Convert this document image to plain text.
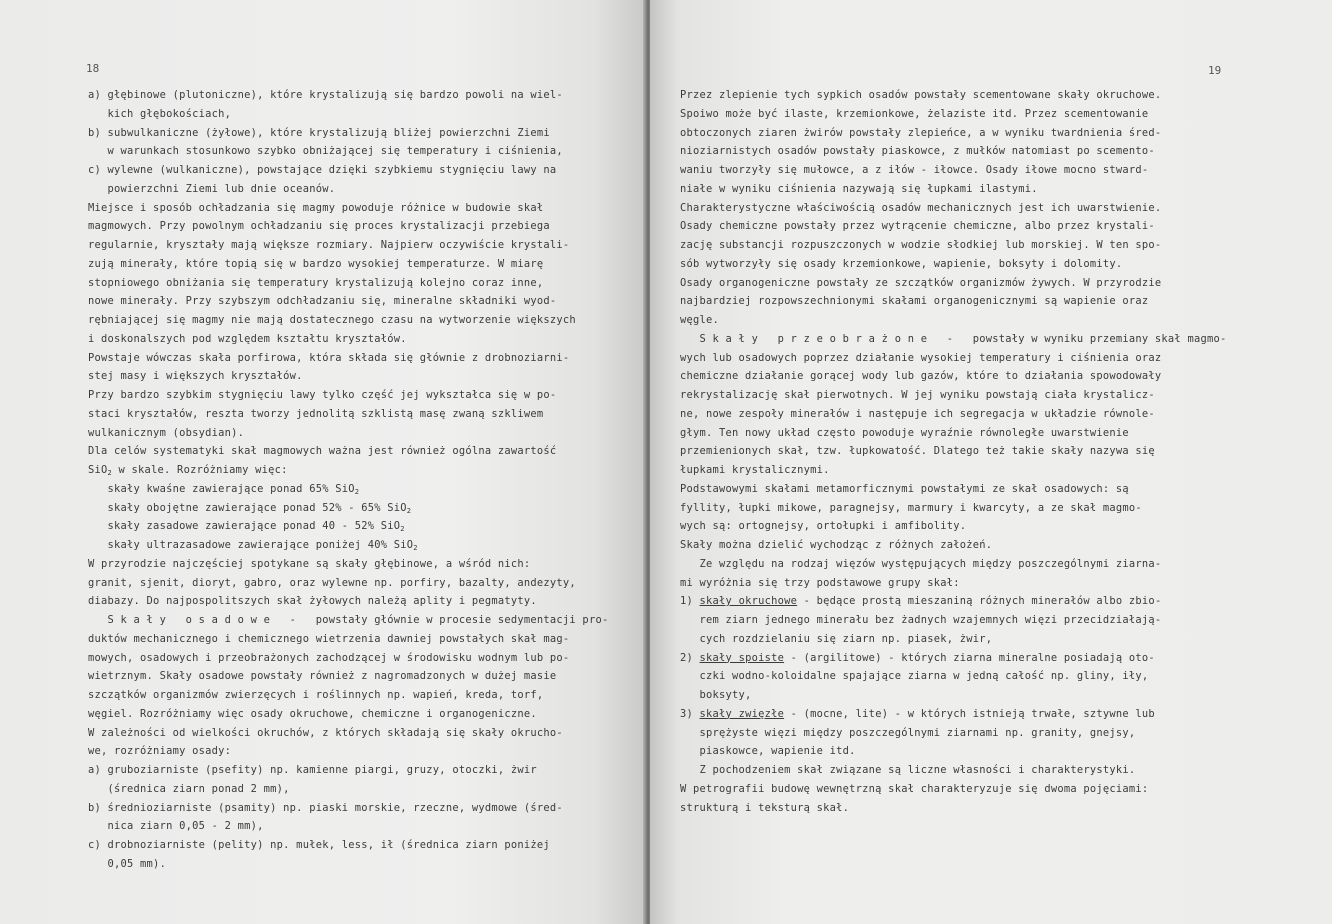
18
a) głębinowe (plutoniczne), które krystalizują się bardzo powoli na wiel-
kich głębokościach,
b) subwulkaniczne (żyłowe), które krystalizują bliżej powierzchni Ziemi
w warunkach stosunkowo szybko obniżającej się temperatury i ciśnienia,
c) wylewne (wulkaniczne), powstające dzięki szybkiemu stygnięciu lawy na
powierzchni Ziemi lub dnie oceanów.
Miejsce i sposób ochładzania się magmy powoduje różnice w budowie skał
magmowych. Przy powolnym ochładzaniu się proces krystalizacji przebiega
regularnie, kryształy mają większe rozmiary. Najpierw oczywiście krystali-
zują minerały, które topią się w bardzo wysokiej temperaturze. W miarę
stopniowego obniżania się temperatury krystalizują kolejno coraz inne,
nowe minerały. Przy szybszym odchładzaniu się, mineralne składniki wyod-
rębniającej się magmy nie mają dostatecznego czasu na wytworzenie większych
i doskonalszych pod względem kształtu kryształów.
Powstaje wówczas skała porfirowa, która składa się głównie z drobnoziarni-
stej masy i większych kryształów.
Przy bardzo szybkim stygnięciu lawy tylko część jej wykształca się w po-
staci kryształów, reszta tworzy jednolitą szklistą masę zwaną szkliwem
wulkanicznym (obsydian).
Dla celów systematyki skał magmowych ważna jest również ogólna zawartość
SiO$_2$ w skale. Rozróżniamy więc:
skały kwaśne zawierające ponad 65% SiO$_2$
skały obojętne zawierające ponad 52% - 65% SiO$_2$
skały zasadowe zawierające ponad 40 - 52% SiO$_2$
skały ultrazasadowe zawierające poniżej 40% SiO$_2$
W przyrodzie najczęściej spotykane są skały głębinowe, a wśród nich:
granit, sjenit, dioryt, gabro, oraz wylewne np. porfiry, bazalty, andezyty,
diabazy. Do najpospolitszych skał żyłowych należą aplity i pegmatyty.
S k a ł y   o s a d o w e   -   powstały głównie w procesie sedymentacji pro-
duktów mechanicznego i chemicznego wietrzenia dawniej powstałych skał mag-
mowych, osadowych i przeobrażonych zachodzącej w środowisku wodnym lub po-
wietrznym. Skały osadowe powstały również z nagromadzonych w dużej masie
szczątków organizmów zwierzęcych i roślinnych np. wapień, kreda, torf,
węgiel. Rozróżniamy więc osady okruchowe, chemiczne i organogeniczne.
W zależności od wielkości okruchów, z których składają się skały okrucho-
we, rozróżniamy osady:
a) gruboziarniste (psefity) np. kamienne piargi, gruzy, otoczki, żwir
(średnica ziarn ponad 2 mm),
b) średnioziarniste (psamity) np. piaski morskie, rzeczne, wydmowe (śred-
nica ziarn 0,05 - 2 mm),
c) drobnoziarniste (pelity) np. mułek, less, ił (średnica ziarn poniżej
0,05 mm).
19
Przez zlepienie tych sypkich osadów powstały scementowane skały okruchowe.
Spoiwo może być ilaste, krzemionkowe, żelaziste itd. Przez scementowanie
obtoczonych ziaren żwirów powstały zlepieńce, a w wyniku twardnienia śred-
nioziarnistych osadów powstały piaskowce, z mułków natomiast po scemento-
waniu tworzyły się mułowce, a z iłów - iłowce. Osady iłowe mocno stward-
niałe w wyniku ciśnienia nazywają się łupkami ilastymi.
Charakterystyczne właściwością osadów mechanicznych jest ich uwarstwienie.
Osady chemiczne powstały przez wytrącenie chemiczne, albo przez krystali-
zację substancji rozpuszczonych w wodzie słodkiej lub morskiej. W ten spo-
sób wytworzyły się osady krzemionkowe, wapienie, boksyty i dolomity.
Osady organogeniczne powstały ze szczątków organizmów żywych. W przyrodzie
najbardziej rozpowszechnionymi skałami organogenicznymi są wapienie oraz
węgle.
S k a ł y   p r z e o b r a ż o n e   -   powstały w wyniku przemiany skał magmo-
wych lub osadowych poprzez działanie wysokiej temperatury i ciśnienia oraz
chemiczne działanie gorącej wody lub gazów, które to działania spowodowały
rekrystalizację skał pierwotnych. W jej wyniku powstają ciała krystalicz-
ne, nowe zespoły minerałów i następuje ich segregacja w układzie równole-
głym. Ten nowy układ często powoduje wyraźnie równoległe uwarstwienie
przemienionych skał, tzw. łupkowatość. Dlatego też takie skały nazywa się
łupkami krystalicznymi.
Podstawowymi skałami metamorficznymi powstałymi ze skał osadowych: są
fyllity, łupki mikowe, paragnejsy, marmury i kwarcyty, a ze skał magmo-
wych są: ortognejsy, ortołupki i amfibolity.
Skały można dzielić wychodząc z różnych założeń.
Ze względu na rodzaj więzów występujących między poszczególnymi ziarna-
mi wyróżnia się trzy podstawowe grupy skał:
1) skały okruchowe - będące prostą mieszaniną różnych minerałów albo zbio-
rem ziarn jednego minerału bez żadnych wzajemnych więzi przecidziałają-
cych rozdzielaniu się ziarn np. piasek, żwir,
2) skały spoiste - (argilitowe) - których ziarna mineralne posiadają oto-
czki wodno-koloidalne spajające ziarna w jedną całość np. gliny, iły,
boksyty,
3) skały zwięzłe - (mocne, lite) - w których istnieją trwałe, sztywne lub
sprężyste więzi między poszczególnymi ziarnami np. granity, gnejsy,
piaskowce, wapienie itd.
Z pochodzeniem skał związane są liczne własności i charakterystyki.
W petrografii budowę wewnętrzną skał charakteryzuje się dwoma pojęciami:
strukturą i teksturą skał.
